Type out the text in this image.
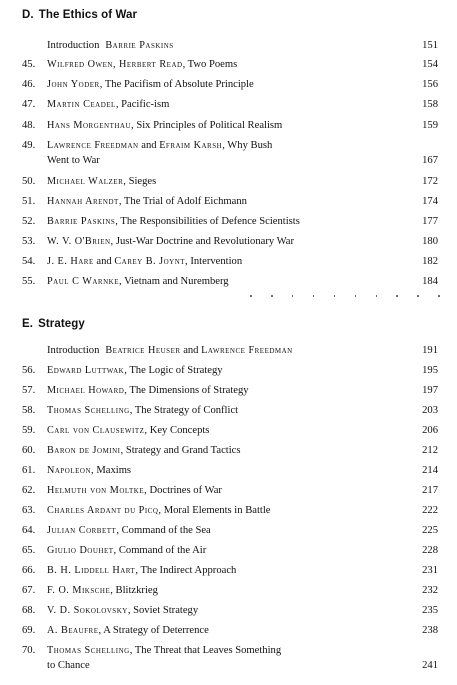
D. The Ethics of War
Introduction Barrie Paskins	151
45.	Wilfred Owen, Herbert Read, Two Poems	154
46.	John Yoder, The Pacifism of Absolute Principle	156
47.	Martin Ceadel, Pacific-ism	158
48.	Hans Morgenthau, Six Principles of Political Realism	159
49.	Lawrence Freedman and Efraim Karsh, Why Bush
Went to War	167
50.	Michael Walzer, Sieges	172
51.	Hannah Arendt, The Trial of Adolf Eichmann	174
52.	Barrie Paskins, The Responsibilities of Defence Scientists	177
53.	W. V. O'Brien, Just-War Doctrine and Revolutionary War	180
54.	J. E. Hare and Carey B. Joynt, Intervention	182
55.	Paul C Warnke, Vietnam and Nuremberg	184
E. Strategy
Introduction Beatrice Heuser and Lawrence Freedman	191
56.	Edward Luttwak, The Logic of Strategy	195
57.	Michael Howard, The Dimensions of Strategy	197
58.	Thomas Schelling, The Strategy of Conflict	203
59.	Carl von Clausewitz, Key Concepts	206
60.	Baron de Jomini, Strategy and Grand Tactics	212
61.	Napoleon, Maxims	214
62.	Helmuth von Moltke, Doctrines of War	217
63.	Charles Ardant du Picq, Moral Elements in Battle	222
64.	Julian Corbett, Command of the Sea	225
65.	Giulio Douhet, Command of the Air	228
66.	B. H. Liddell Hart, The Indirect Approach	231
67.	F. O. Miksche, Blitzkrieg	232
68.	V. D. Sokolovsky, Soviet Strategy	235
69.	A. Beaufre, A Strategy of Deterrence	238
70.	Thomas Schelling, The Threat that Leaves Something
to Chance	241
